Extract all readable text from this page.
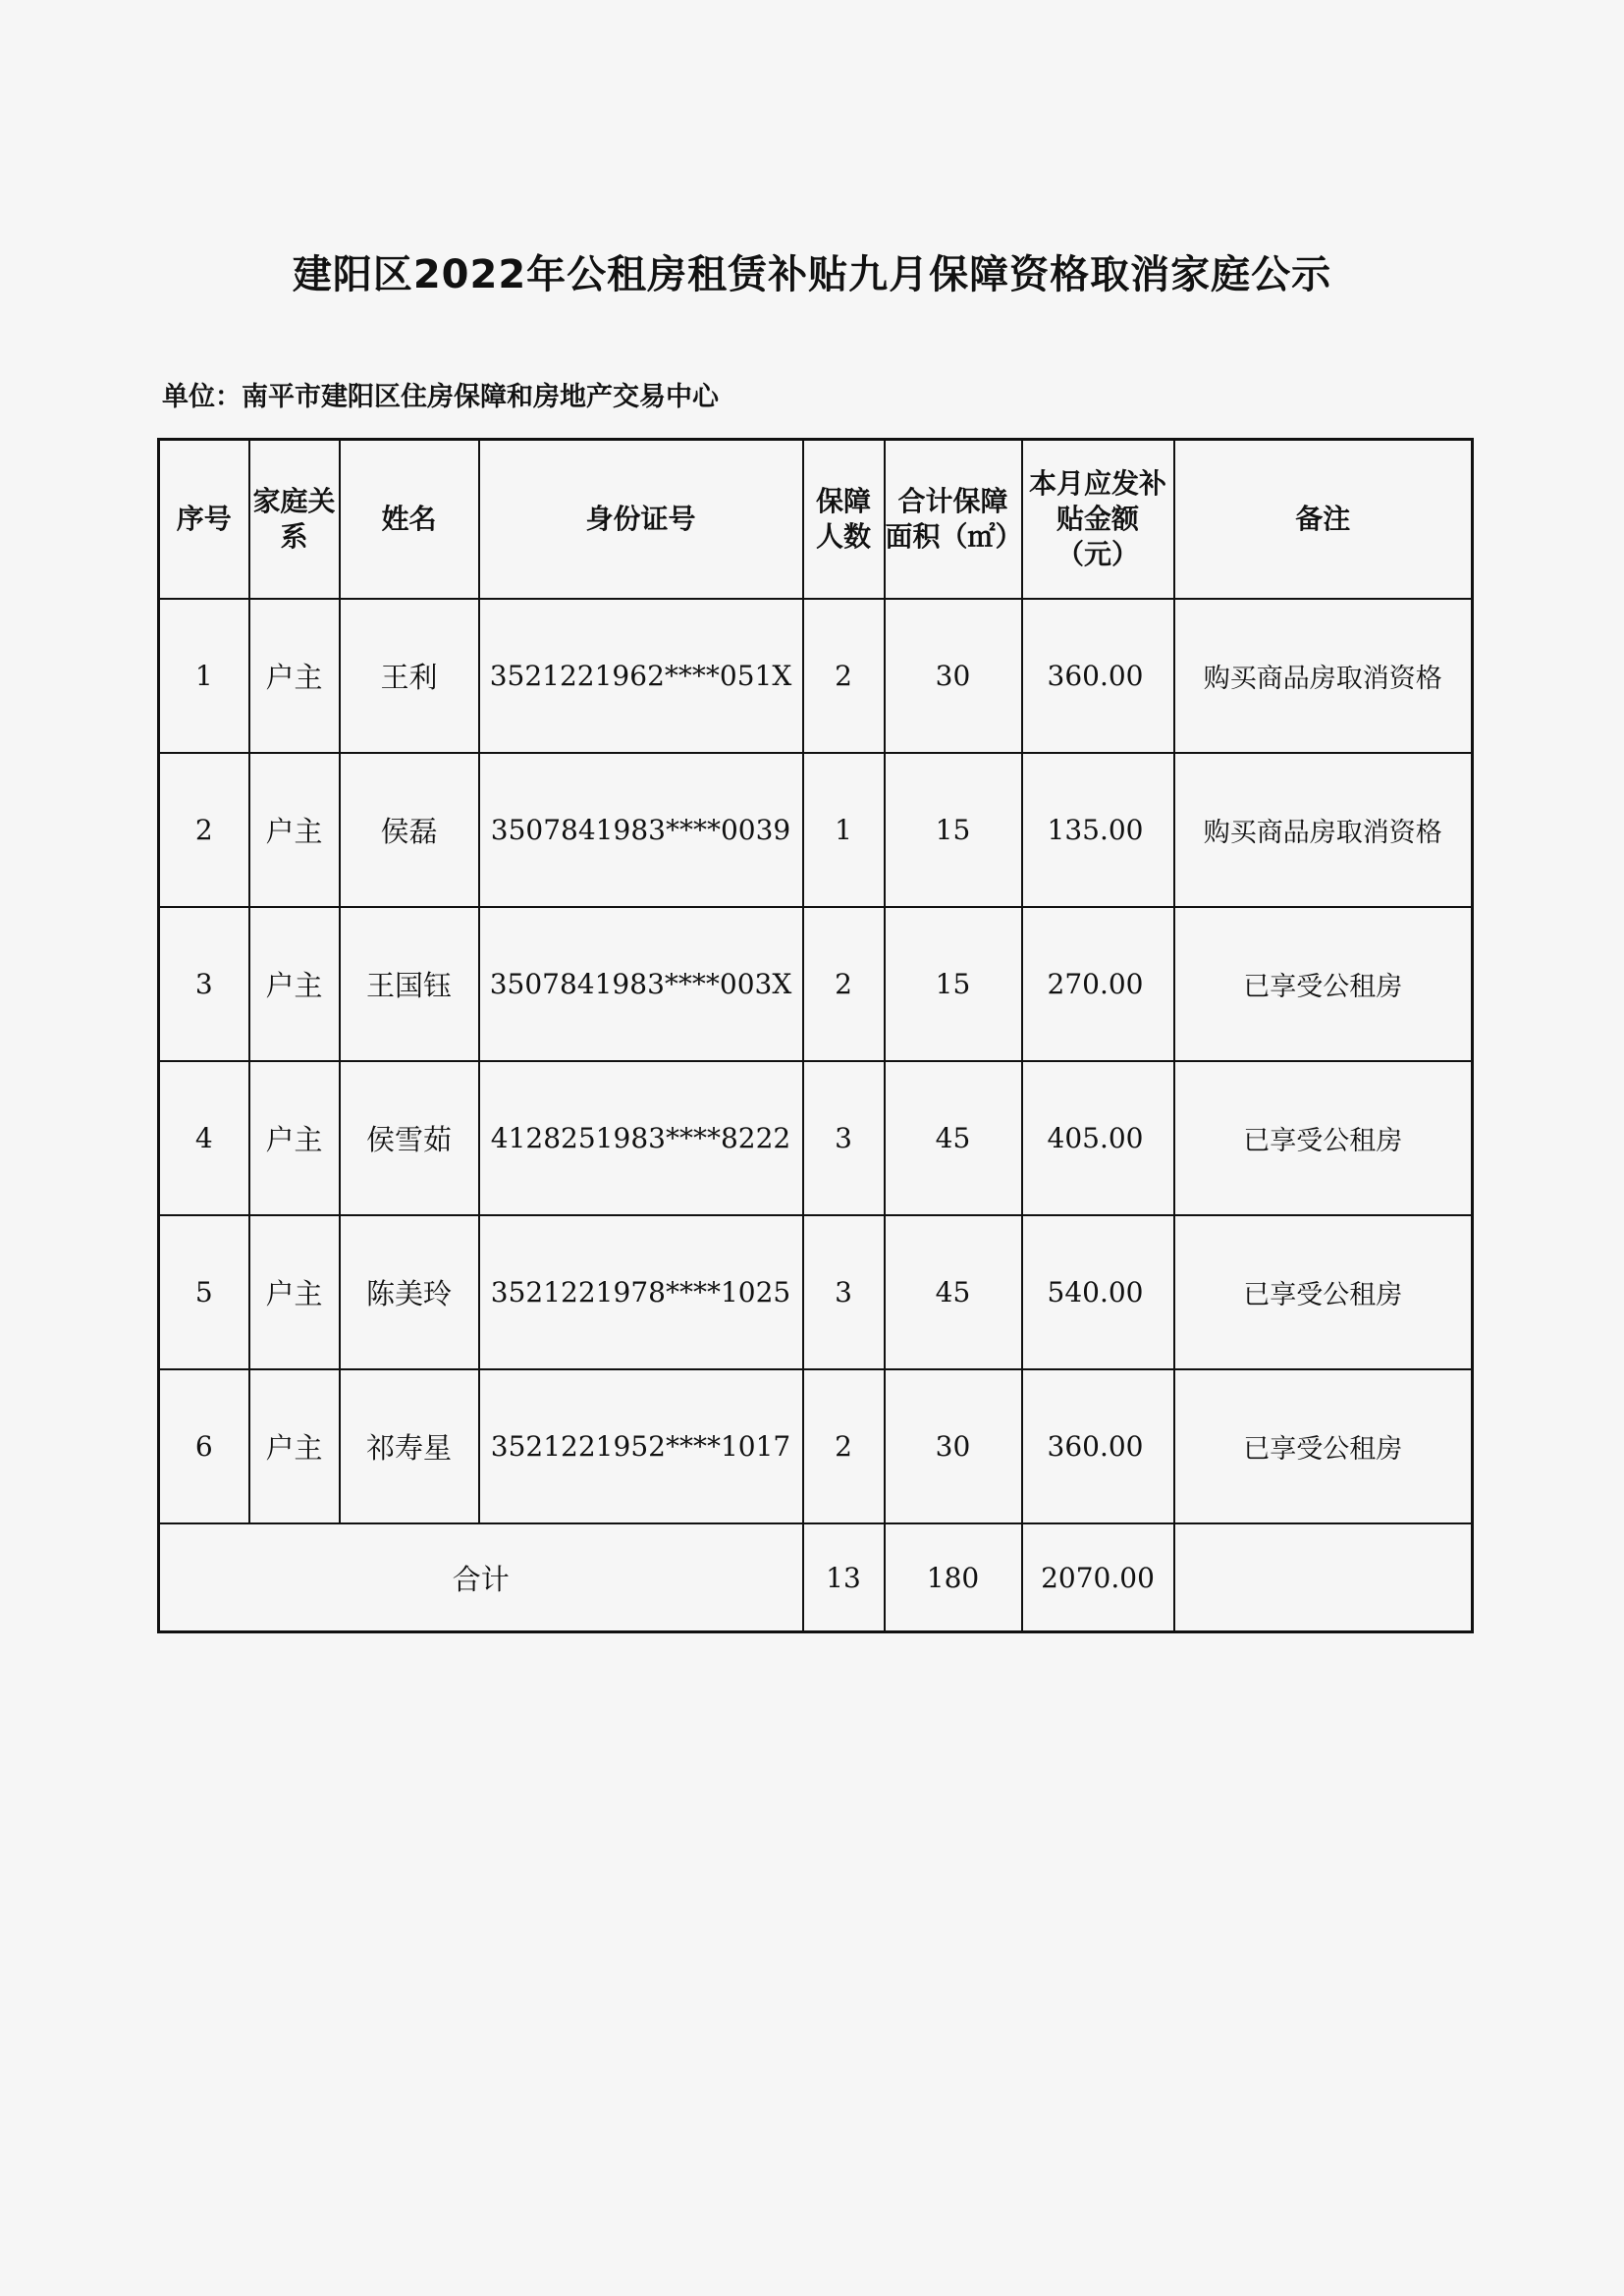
建阳区2022年公租房租赁补贴九月保障资格取消家庭公示
单位：南平市建阳区住房保障和房地产交易中心
序号	家庭关系	姓名	身份证号	保障人数	合计保障面积（㎡）	本月应发补贴金额（元）	备注
1	户主	王利	3521221962****051X	2	30	360.00	购买商品房取消资格
2	户主	侯磊	3507841983****0039	1	15	135.00	购买商品房取消资格
3	户主	王国钰	3507841983****003X	2	15	270.00	已享受公租房
4	户主	侯雪茹	4128251983****8222	3	45	405.00	已享受公租房
5	户主	陈美玲	3521221978****1025	3	45	540.00	已享受公租房
6	户主	祁寿星	3521221952****1017	2	30	360.00	已享受公租房
合计				13	180	2070.00	
